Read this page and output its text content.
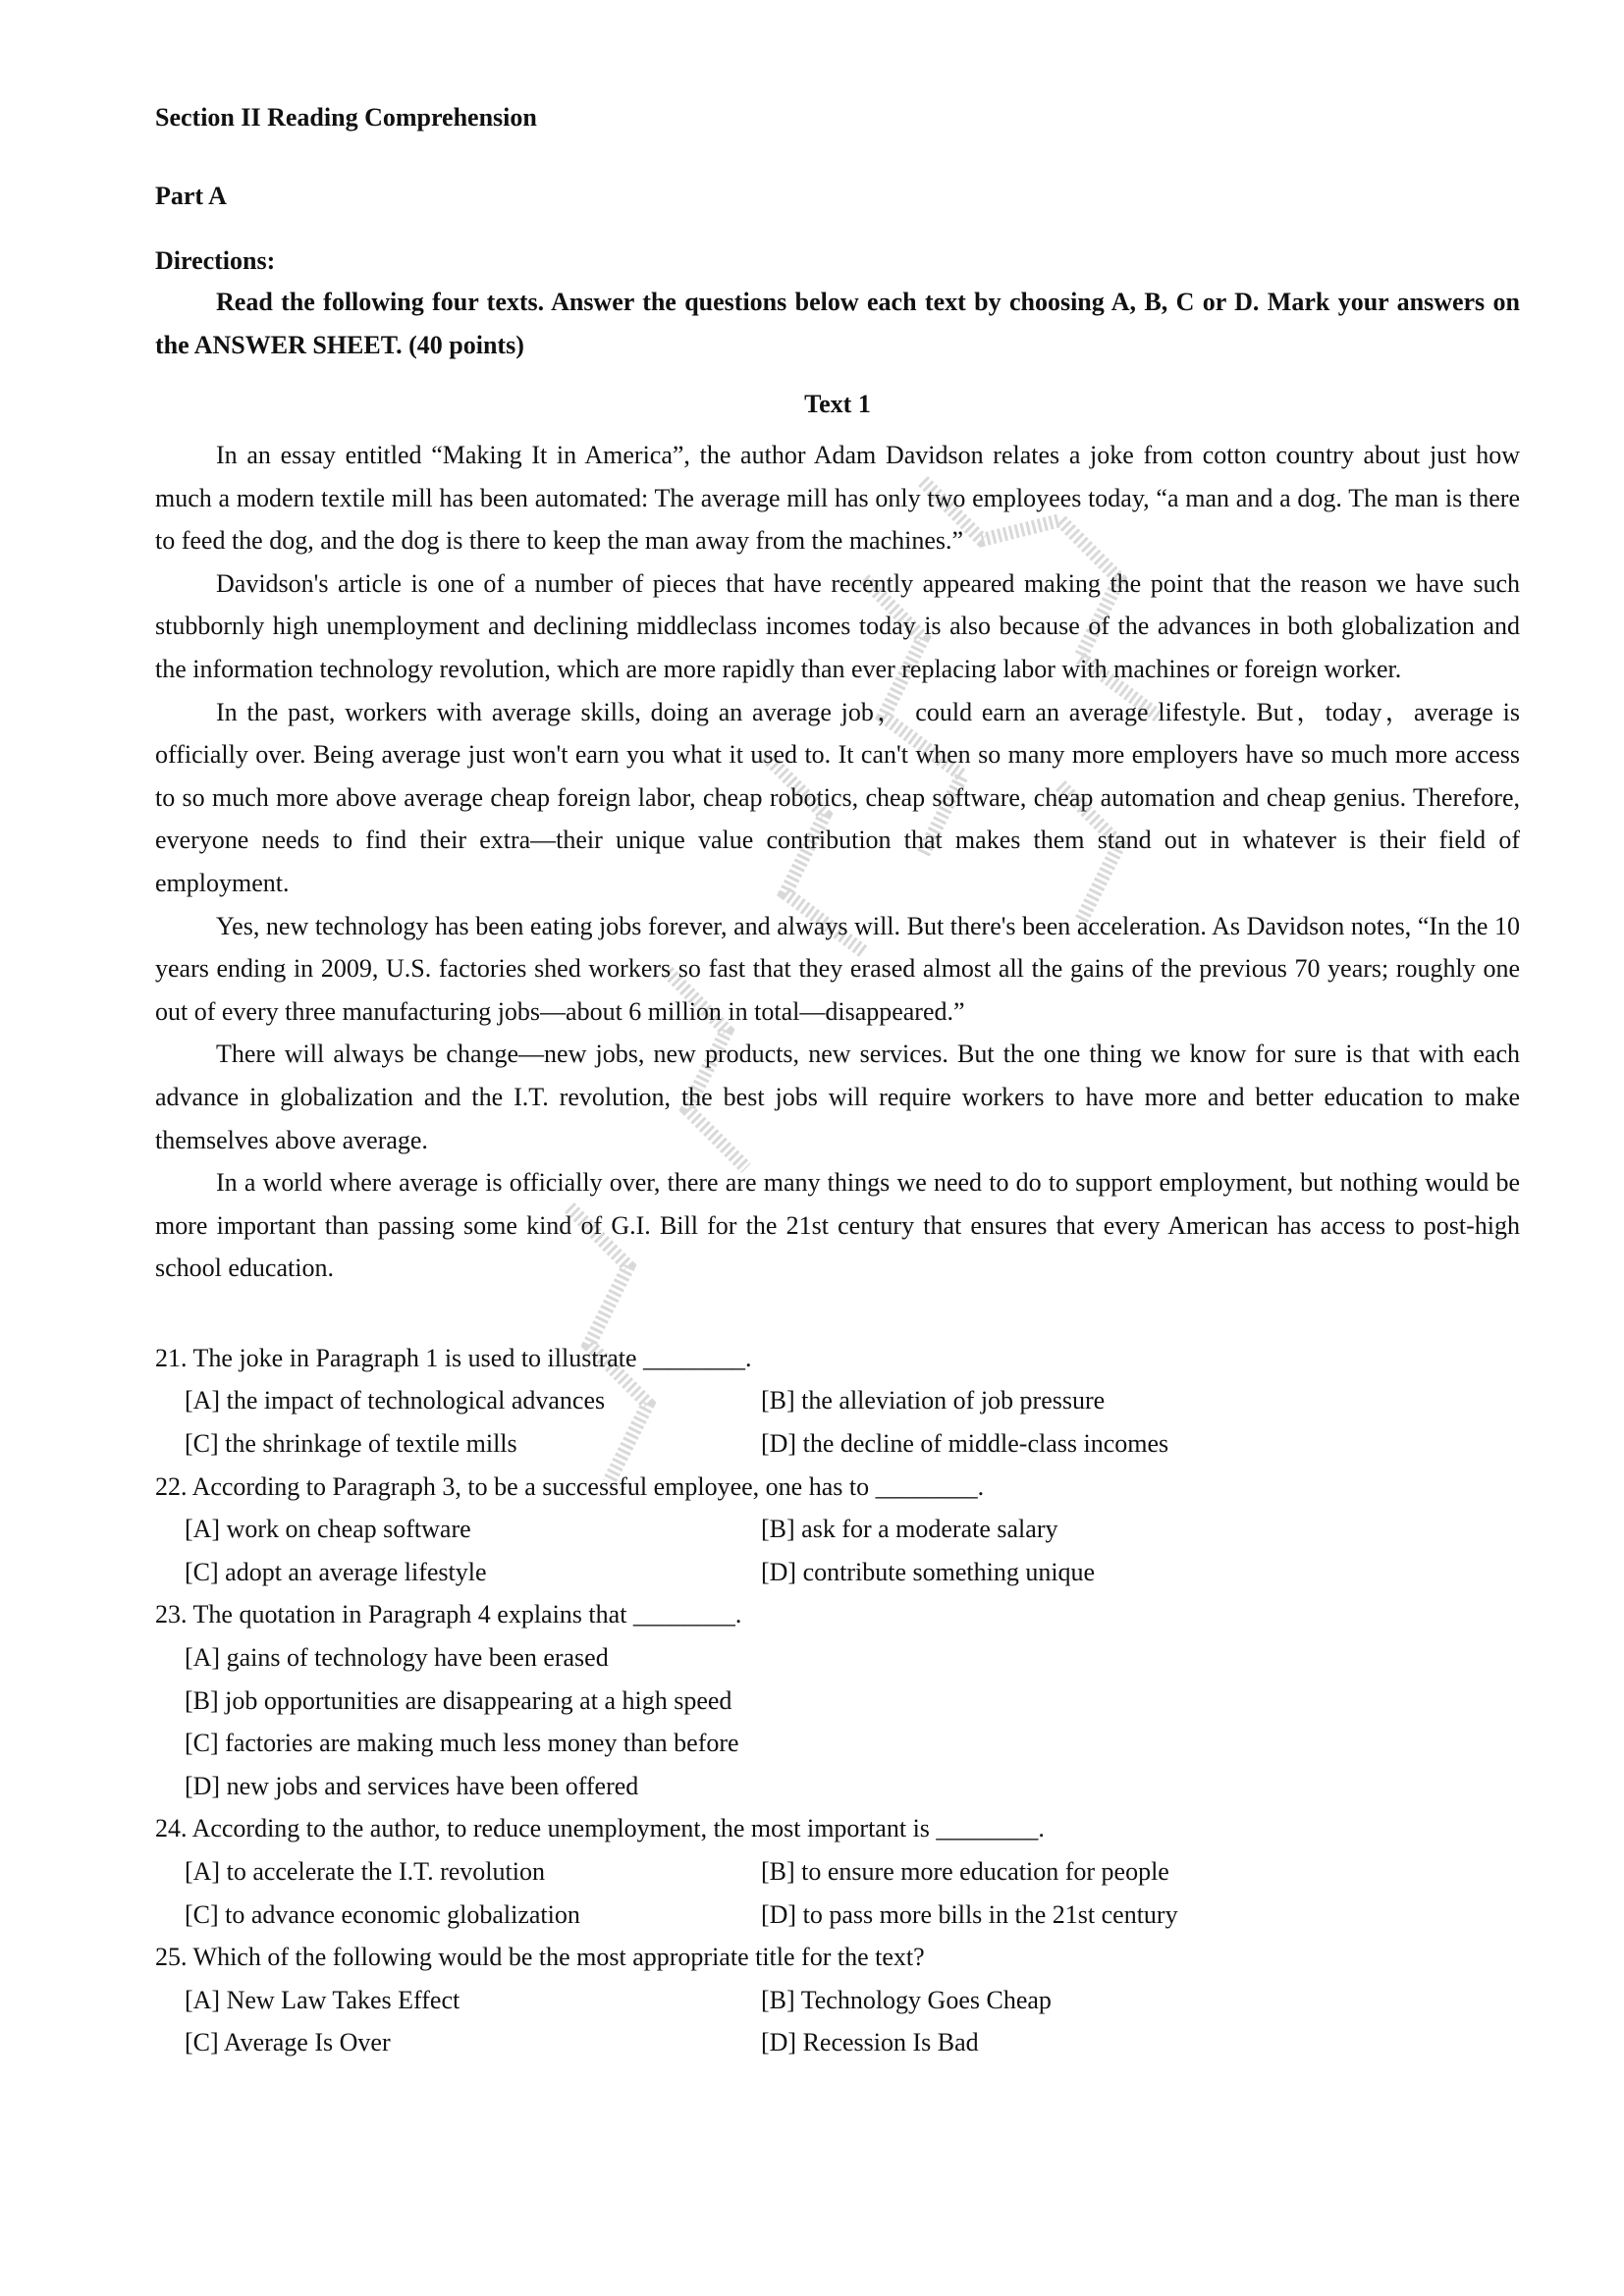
Section II Reading Comprehension

Part A

Directions:

Read the following four texts. Answer the questions below each text by choosing A, B, C or D. Mark your answers on the ANSWER SHEET. (40 points)

Text 1

In an essay entitled “Making It in America”, the author Adam Davidson relates a joke from cotton country about just how much a modern textile mill has been automated: The average mill has only two employees today, “a man and a dog. The man is there to feed the dog, and the dog is there to keep the man away from the machines.”

Davidson's article is one of a number of pieces that have recently appeared making the point that the reason we have such stubbornly high unemployment and declining middleclass incomes today is also because of the advances in both globalization and the information technology revolution, which are more rapidly than ever replacing labor with machines or foreign worker.

In the past, workers with average skills, doing an average job， could earn an average lifestyle. But，today，average is officially over. Being average just won't earn you what it used to. It can't when so many more employers have so much more access to so much more above average cheap foreign labor, cheap robotics, cheap software, cheap automation and cheap genius. Therefore, everyone needs to find their extra—their unique value contribution that makes them stand out in whatever is their field of employment.

Yes, new technology has been eating jobs forever, and always will. But there's been acceleration. As Davidson notes, “In the 10 years ending in 2009, U.S. factories shed workers so fast that they erased almost all the gains of the previous 70 years; roughly one out of every three manufacturing jobs—about 6 million in total—disappeared.”

There will always be change—new jobs, new products, new services. But the one thing we know for sure is that with each advance in globalization and the I.T. revolution, the best jobs will require workers to have more and better education to make themselves above average.

In a world where average is officially over, there are many things we need to do to support employment, but nothing would be more important than passing some kind of G.I. Bill for the 21st century that ensures that every American has access to post-high school education.

21. The joke in Paragraph 1 is used to illustrate ________.

[A] the impact of technological advances	[B] the alleviation of job pressure
[C] the shrinkage of textile mills	[D] the decline of middle-class incomes

22. According to Paragraph 3, to be a successful employee, one has to ________.

[A] work on cheap software	[B] ask for a moderate salary
[C] adopt an average lifestyle	[D] contribute something unique

23. The quotation in Paragraph 4 explains that ________.

[A] gains of technology have been erased
[B] job opportunities are disappearing at a high speed
[C] factories are making much less money than before
[D] new jobs and services have been offered

24. According to the author, to reduce unemployment, the most important is ________.

[A] to accelerate the I.T. revolution	[B] to ensure more education for people
[C] to advance economic globalization	[D] to pass more bills in the 21st century

25. Which of the following would be the most appropriate title for the text?

[A] New Law Takes Effect	[B] Technology Goes Cheap
[C] Average Is Over	[D] Recession Is Bad
